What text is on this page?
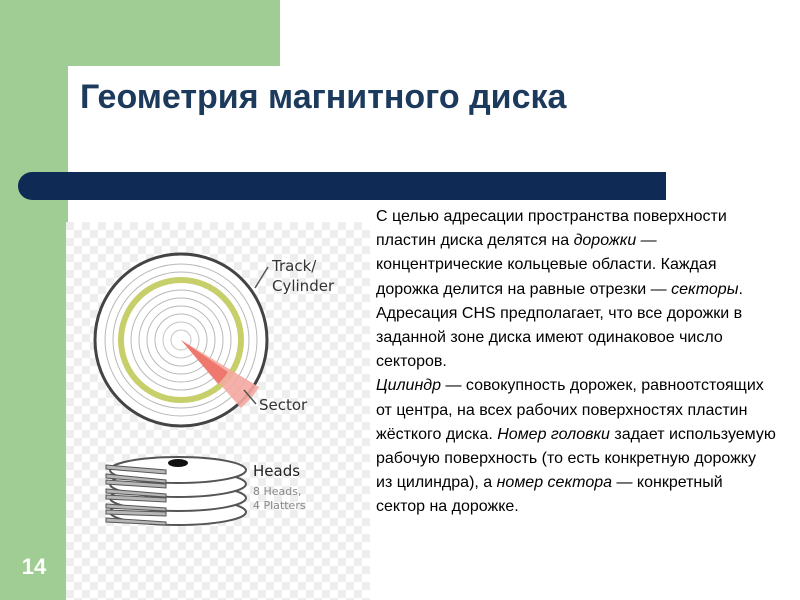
Геометрия магнитного диска
Track/
Cylinder
Sector
Heads
8 Heads,
4 Platters

С целью адресации пространства поверхности пластин диска делятся на дорожки — концентрические кольцевые области. Каждая дорожка делится на равные отрезки — секторы. Адресация CHS предполагает, что все дорожки в заданной зоне диска имеют одинаковое число секторов.

Цилиндр — совокупность дорожек, равноотстоящих от центра, на всех рабочих поверхностях пластин жёсткого диска. Номер головки задает используемую рабочую поверхность (то есть конкретную дорожку из цилиндра), а номер сектора — конкретный сектор на дорожке.

14
